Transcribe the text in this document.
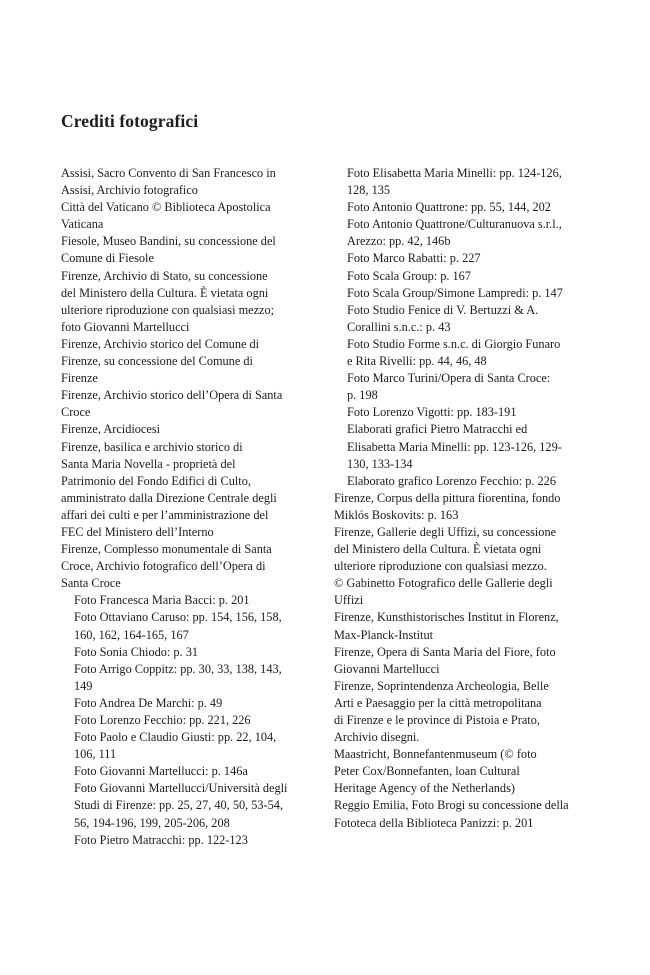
Crediti fotografici

Assisi, Sacro Convento di San Francesco in
Assisi, Archivio fotografico

Città del Vaticano © Biblioteca Apostolica
Vaticana

Fiesole, Museo Bandini, su concessione del
Comune di Fiesole

Firenze, Archivio di Stato, su concessione
del Ministero della Cultura. È vietata ogni
ulteriore riproduzione con qualsiasi mezzo;
foto Giovanni Martellucci

Firenze, Archivio storico del Comune di
Firenze, su concessione del Comune di
Firenze

Firenze, Archivio storico dell’Opera di Santa
Croce

Firenze, Arcidiocesi

Firenze, basilica e archivio storico di
Santa Maria Novella - proprietà del
Patrimonio del Fondo Edifici di Culto,
amministrato dalla Direzione Centrale degli
affari dei culti e per l’amministrazione del
FEC del Ministero dell’Interno

Firenze, Complesso monumentale di Santa
Croce, Archivio fotografico dell’Opera di
Santa Croce

Foto Francesca Maria Bacci: p. 201

Foto Ottaviano Caruso: pp. 154, 156, 158,
160, 162, 164-165, 167

Foto Sonia Chiodo: p. 31

Foto Arrigo Coppitz: pp. 30, 33, 138, 143,
149

Foto Andrea De Marchi: p. 49

Foto Lorenzo Fecchio: pp. 221, 226

Foto Paolo e Claudio Giusti: pp. 22, 104,
106, 111

Foto Giovanni Martellucci: p. 146a

Foto Giovanni Martellucci/Università degli
Studi di Firenze: pp. 25, 27, 40, 50, 53-54,
56, 194-196, 199, 205-206, 208

Foto Pietro Matracchi: pp. 122-123

Foto Elisabetta Maria Minelli: pp. 124-126,
128, 135

Foto Antonio Quattrone: pp. 55, 144, 202

Foto Antonio Quattrone/Culturanuova s.r.l.,
Arezzo: pp. 42, 146b

Foto Marco Rabatti: p. 227

Foto Scala Group: p. 167

Foto Scala Group/Simone Lampredi: p. 147

Foto Studio Fenice di V. Bertuzzi & A.
Corallini s.n.c.: p. 43

Foto Studio Forme s.n.c. di Giorgio Funaro
e Rita Rivelli: pp. 44, 46, 48

Foto Marco Turini/Opera di Santa Croce:
p. 198

Foto Lorenzo Vigotti: pp. 183-191

Elaborati grafici Pietro Matracchi ed
Elisabetta Maria Minelli: pp. 123-126, 129-
130, 133-134

Elaborato grafico Lorenzo Fecchio: p. 226

Firenze, Corpus della pittura fiorentina, fondo
Miklós Boskovits: p. 163

Firenze, Gallerie degli Uffizi, su concessione
del Ministero della Cultura. È vietata ogni
ulteriore riproduzione con qualsiasi mezzo.
© Gabinetto Fotografico delle Gallerie degli
Uffizi

Firenze, Kunsthistorisches Institut in Florenz,
Max-Planck-Institut

Firenze, Opera di Santa Maria del Fiore, foto
Giovanni Martellucci

Firenze, Soprintendenza Archeologia, Belle
Arti e Paesaggio per la città metropolitana
di Firenze e le province di Pistoia e Prato,
Archivio disegni.

Maastricht, Bonnefantenmuseum (© foto
Peter Cox/Bonnefanten, loan Cultural
Heritage Agency of the Netherlands)

Reggio Emilia, Foto Brogi su concessione della
Fototeca della Biblioteca Panizzi: p. 201
